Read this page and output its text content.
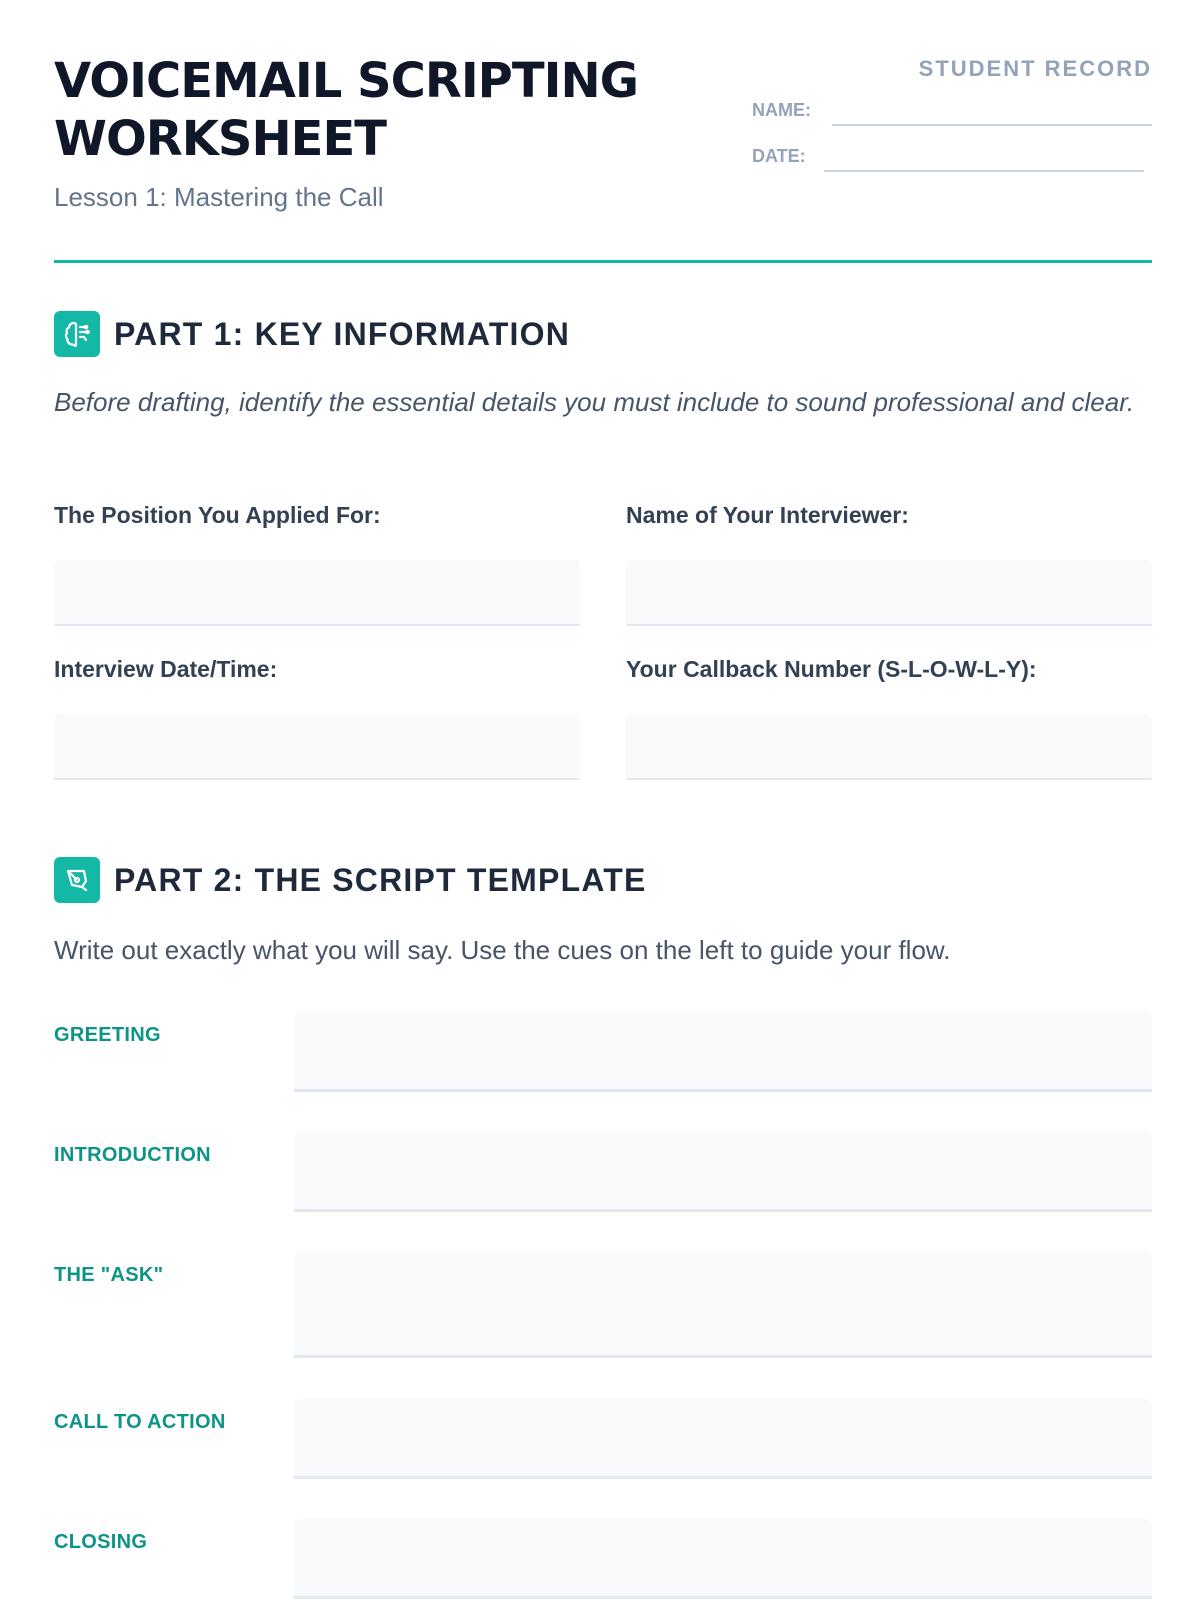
VOICEMAIL SCRIPTING WORKSHEET
Lesson 1: Mastering the Call
STUDENT RECORD
NAME:
DATE:
PART 1: KEY INFORMATION
Before drafting, identify the essential details you must include to sound professional and clear.
The Position You Applied For:	Name of Your Interviewer:
Interview Date/Time:	Your Callback Number (S-L-O-W-L-Y):
PART 2: THE SCRIPT TEMPLATE
Write out exactly what you will say. Use the cues on the left to guide your flow.
GREETING
INTRODUCTION
THE "ASK"
CALL TO ACTION
CLOSING
